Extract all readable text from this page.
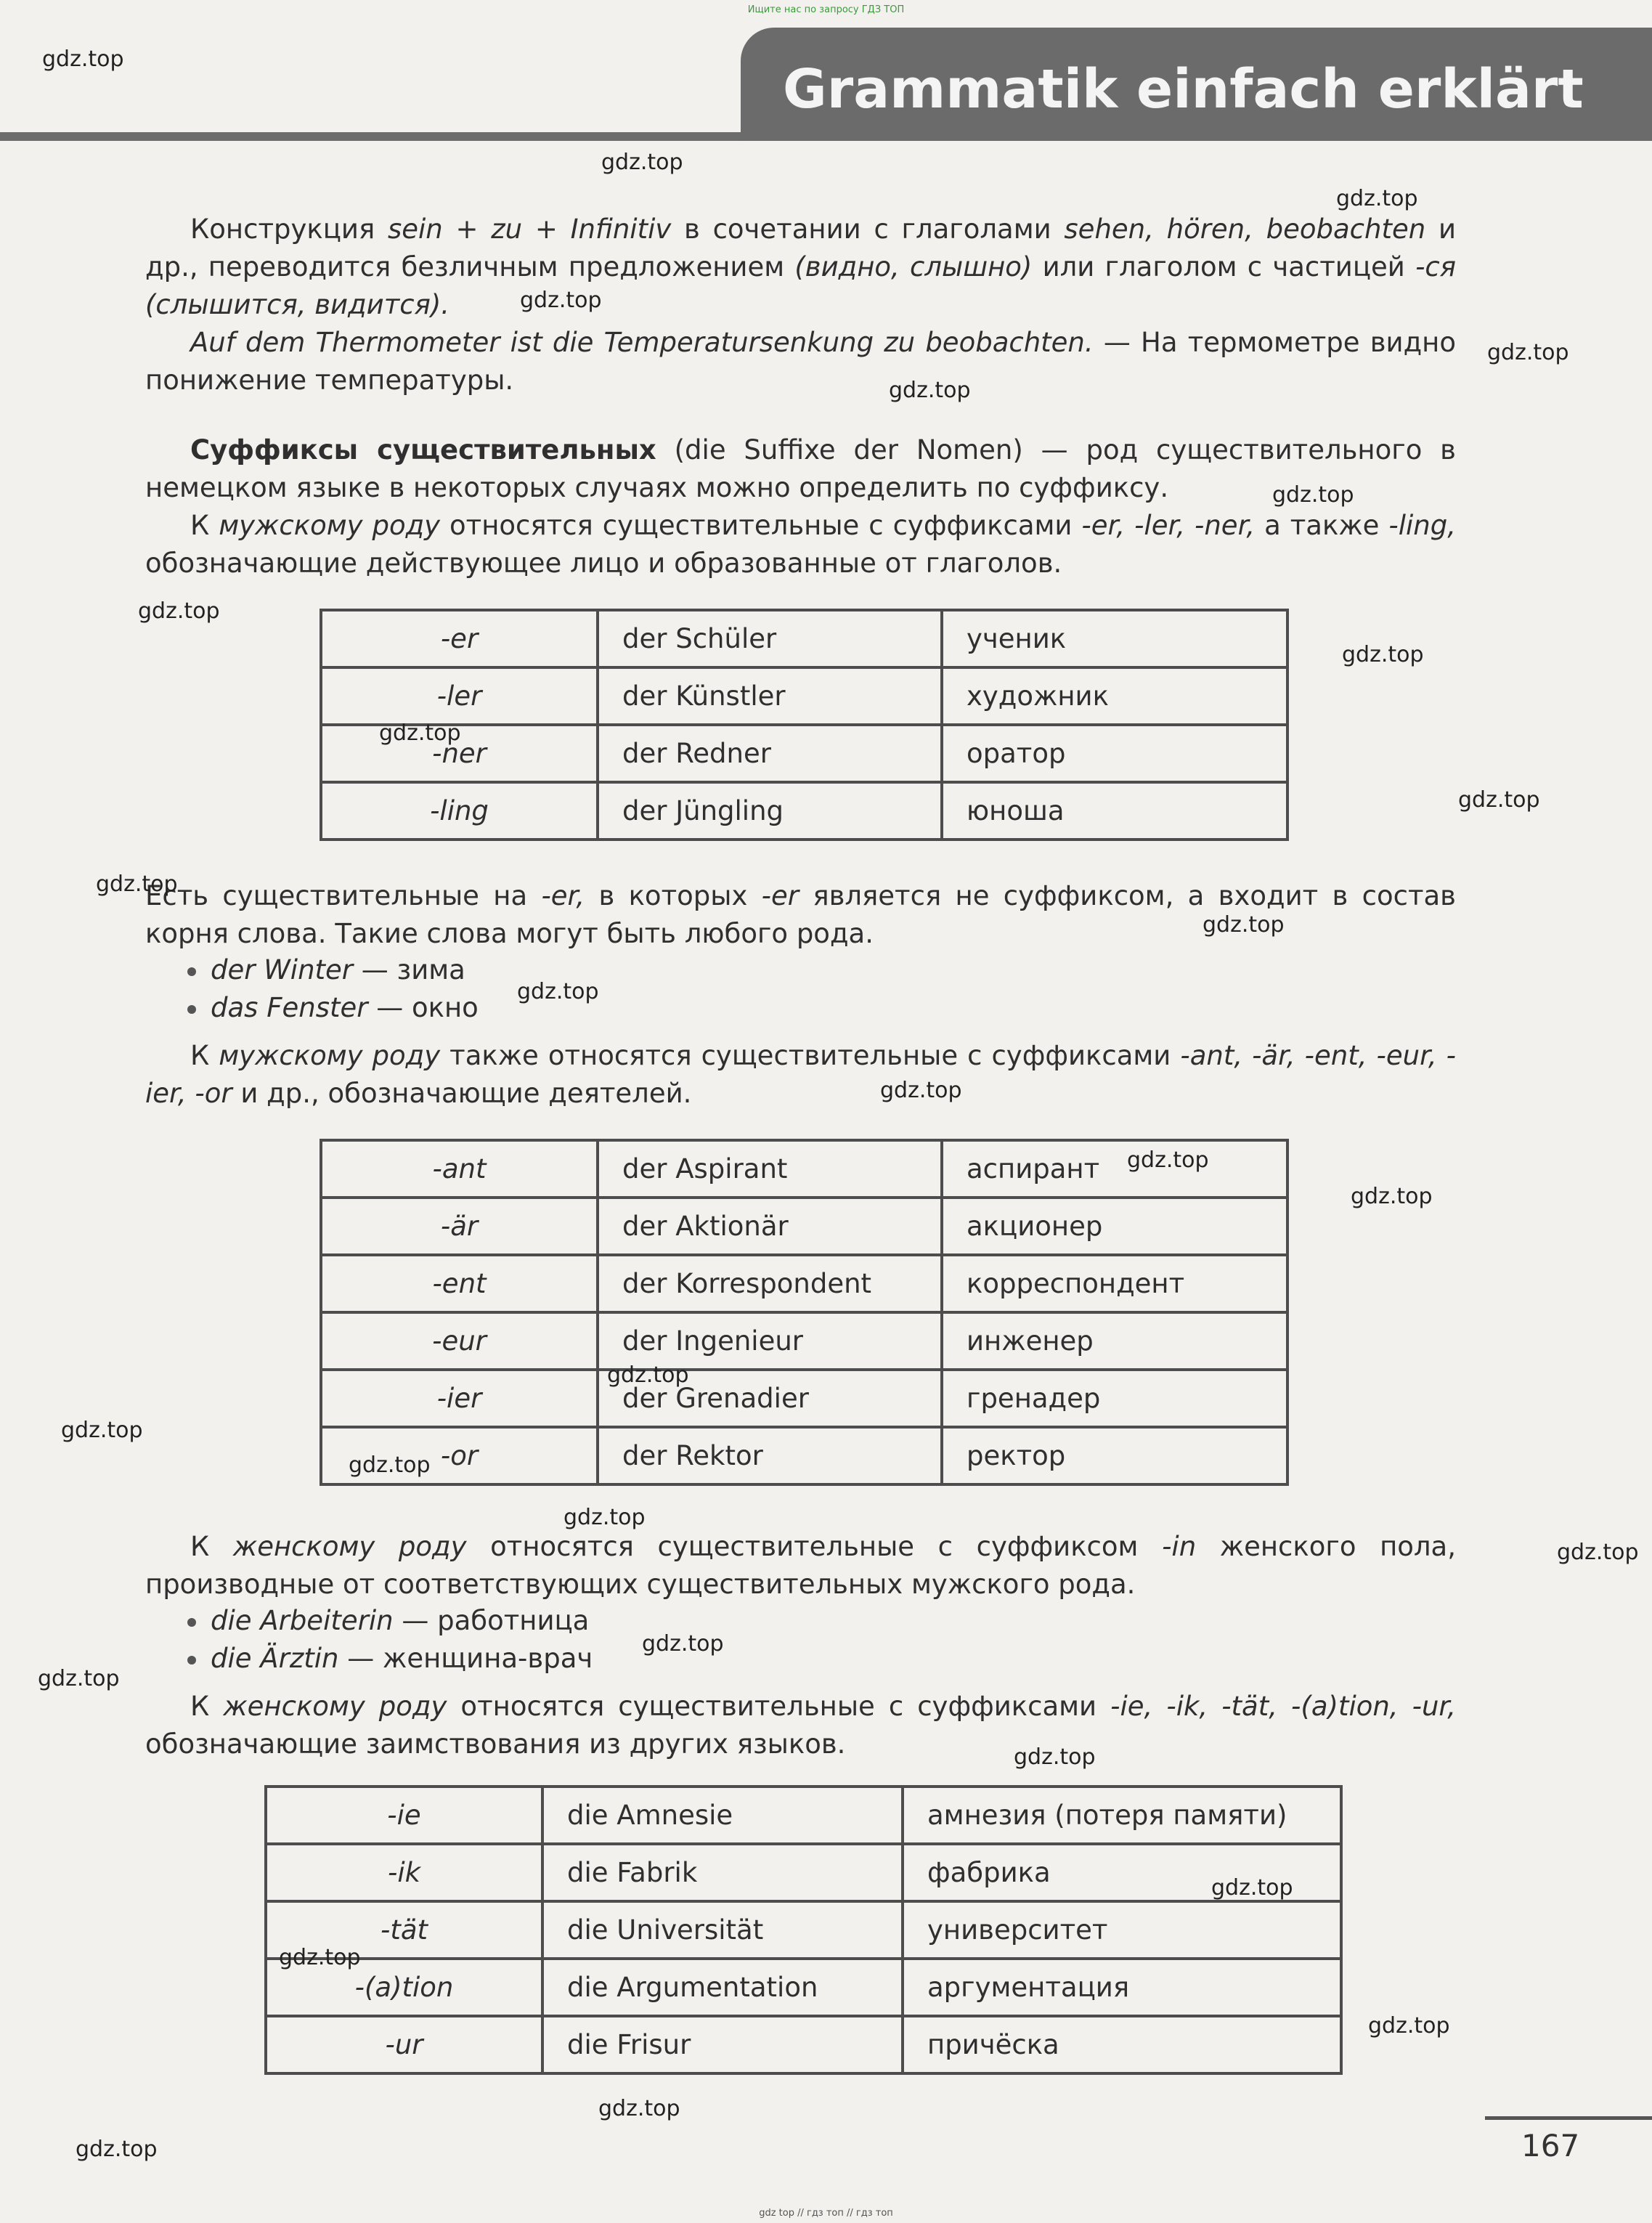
Ищите нас по запросу ГДЗ ТОП
Grammatik einfach erklärt
Конструкция sein + zu + Infinitiv в сочетании с глаголами sehen, hören, beobachten и др., переводится безличным предложением (видно, слышно) или глаголом с частицей -ся (слышится, видится).
Auf dem Thermometer ist die Temperatursenkung zu beobachten. — На термометре видно понижение температуры.
Суффиксы существительных (die Suffixe der Nomen) — род существительного в немецком языке в некоторых случаях можно определить по суффиксу.
К мужскому роду относятся существительные с суффиксами -er, -ler, -ner, а также -ling, обозначающие действующее лицо и образованные от глаголов.
-er	der Schüler	ученик
-ler	der Künstler	художник
-ner	der Redner	оратор
-ling	der Jüngling	юноша
Есть существительные на -er, в которых -er является не суффиксом, а входит в состав корня слова. Такие слова могут быть любого рода.
der Winter — зима
das Fenster — окно
К мужскому роду также относятся существительные с суффиксами -ant, -är, -ent, -eur, -ier, -or и др., обозначающие деятелей.
-ant	der Aspirant	аспирант
-är	der Aktionär	акционер
-ent	der Korrespondent	корреспондент
-eur	der Ingenieur	инженер
-ier	der Grenadier	гренадер
-or	der Rektor	ректор
К женскому роду относятся существительные с суффиксом -in женского пола, производные от соответствующих существительных мужского рода.
die Arbeiterin — работница
die Ärztin — женщина-врач
К женскому роду относятся существительные с суффиксами -ie, -ik, -tät, -(a)tion, -ur, обозначающие заимствования из других языков.
-ie	die Amnesie	амнезия (потеря памяти)
-ik	die Fabrik	фабрика
-tät	die Universität	университет
-(a)tion	die Argumentation	аргументация
-ur	die Frisur	причёска
gdz.top
gdz.top
gdz.top
gdz.top
gdz.top
gdz.top
gdz.top
gdz.top
gdz.top
gdz.top
gdz.top
gdz.top
gdz.top
gdz.top
gdz.top
gdz.top
gdz.top
gdz.top
gdz.top
gdz.top
gdz.top
gdz.top
gdz.top
gdz.top
gdz.top
gdz.top
gdz.top
gdz.top
gdz.top
gdz.top	167
gdz top // гдз топ // гдз топ
